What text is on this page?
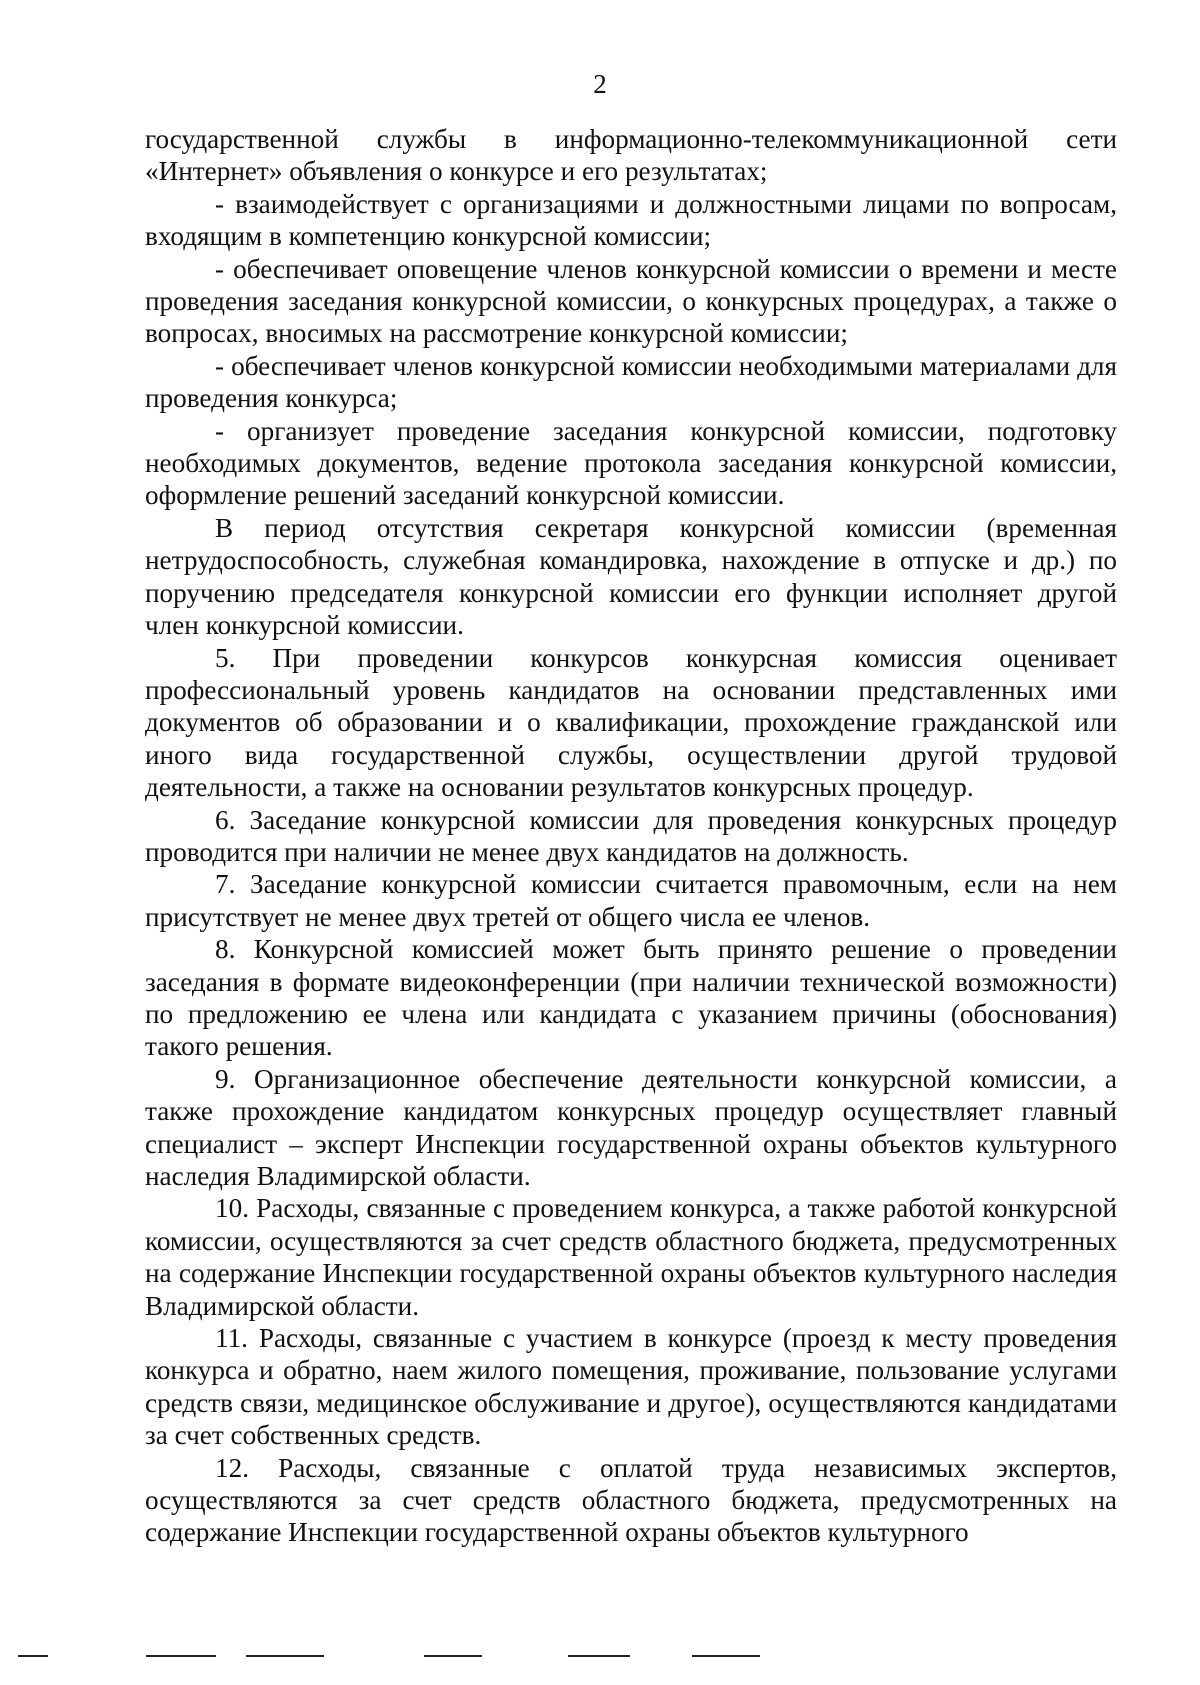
2

государственной службы в информационно-телекоммуникационной сети «Интернет» объявления о конкурсе и его результатах;

- взаимодействует с организациями и должностными лицами по вопросам, входящим в компетенцию конкурсной комиссии;

- обеспечивает оповещение членов конкурсной комиссии о времени и месте проведения заседания конкурсной комиссии, о конкурсных процедурах, а также о вопросах, вносимых на рассмотрение конкурсной комиссии;

- обеспечивает членов конкурсной комиссии необходимыми материалами для проведения конкурса;

- организует проведение заседания конкурсной комиссии, подготовку необходимых документов, ведение протокола заседания конкурсной комиссии, оформление решений заседаний конкурсной комиссии.

В период отсутствия секретаря конкурсной комиссии (временная нетрудоспособность, служебная командировка, нахождение в отпуске и др.) по поручению председателя конкурсной комиссии его функции исполняет другой член конкурсной комиссии.

5. При проведении конкурсов конкурсная комиссия оценивает профессиональный уровень кандидатов на основании представленных ими документов об образовании и о квалификации, прохождение гражданской или иного вида государственной службы, осуществлении другой трудовой деятельности, а также на основании результатов конкурсных процедур.

6. Заседание конкурсной комиссии для проведения конкурсных процедур проводится при наличии не менее двух кандидатов на должность.

7. Заседание конкурсной комиссии считается правомочным, если на нем присутствует не менее двух третей от общего числа ее членов.

8. Конкурсной комиссией может быть принято решение о проведении заседания в формате видеоконференции (при наличии технической возможности) по предложению ее члена или кандидата с указанием причины (обоснования) такого решения.

9. Организационное обеспечение деятельности конкурсной комиссии, а также прохождение кандидатом конкурсных процедур осуществляет главный специалист – эксперт Инспекции государственной охраны объектов культурного наследия Владимирской области.

10. Расходы, связанные с проведением конкурса, а также работой конкурсной комиссии, осуществляются за счет средств областного бюджета, предусмотренных на содержание Инспекции государственной охраны объектов культурного наследия Владимирской области.

11. Расходы, связанные с участием в конкурсе (проезд к месту проведения конкурса и обратно, наем жилого помещения, проживание, пользование услугами средств связи, медицинское обслуживание и другое), осуществляются кандидатами за счет собственных средств.

12. Расходы, связанные с оплатой труда независимых экспертов, осуществляются за счет средств областного бюджета, предусмотренных на содержание Инспекции государственной охраны объектов культурного
